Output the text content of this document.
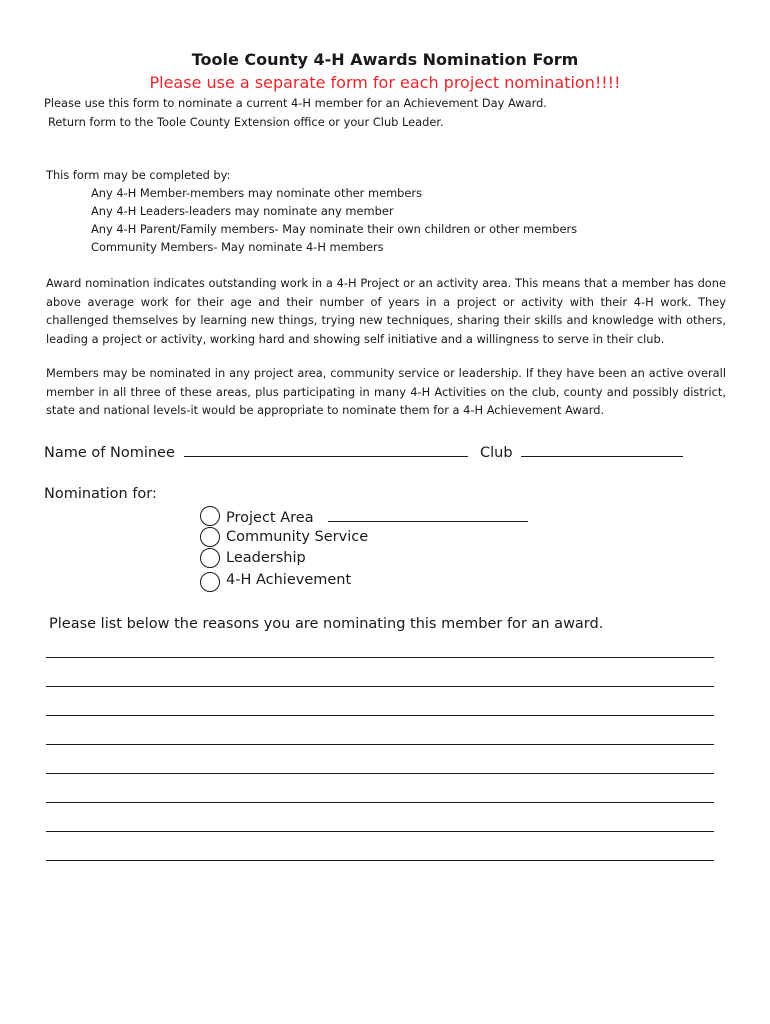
Toole County 4-H Awards Nomination Form
Please use a separate form for each project nomination!!!!
Please use this form to nominate a current 4-H member for an Achievement Day Award.
Return form to the Toole County Extension office or your Club Leader.
This form may be completed by:
Any 4-H Member-members may nominate other members
Any 4-H Leaders-leaders may nominate any member
Any 4-H Parent/Family members- May nominate their own children or other members
Community Members- May nominate 4-H members
Award nomination indicates outstanding work in a 4-H Project or an activity area. This means that a member has done above average work for their age and their number of years in a project or activity with their 4-H work. They challenged themselves by learning new things, trying new techniques, sharing their skills and knowledge with others, leading a project or activity, working hard and showing self initiative and a willingness to serve in their club.
Members may be nominated in any project area, community service or leadership. If they have been an active overall member in all three of these areas, plus participating in many 4-H Activities on the club, county and possibly district, state and national levels-it would be appropriate to nominate them for a 4-H Achievement Award.
Name of Nominee	Club
Nomination for:
Project Area
Community Service
Leadership
4-H Achievement
Please list below the reasons you are nominating this member for an award.
